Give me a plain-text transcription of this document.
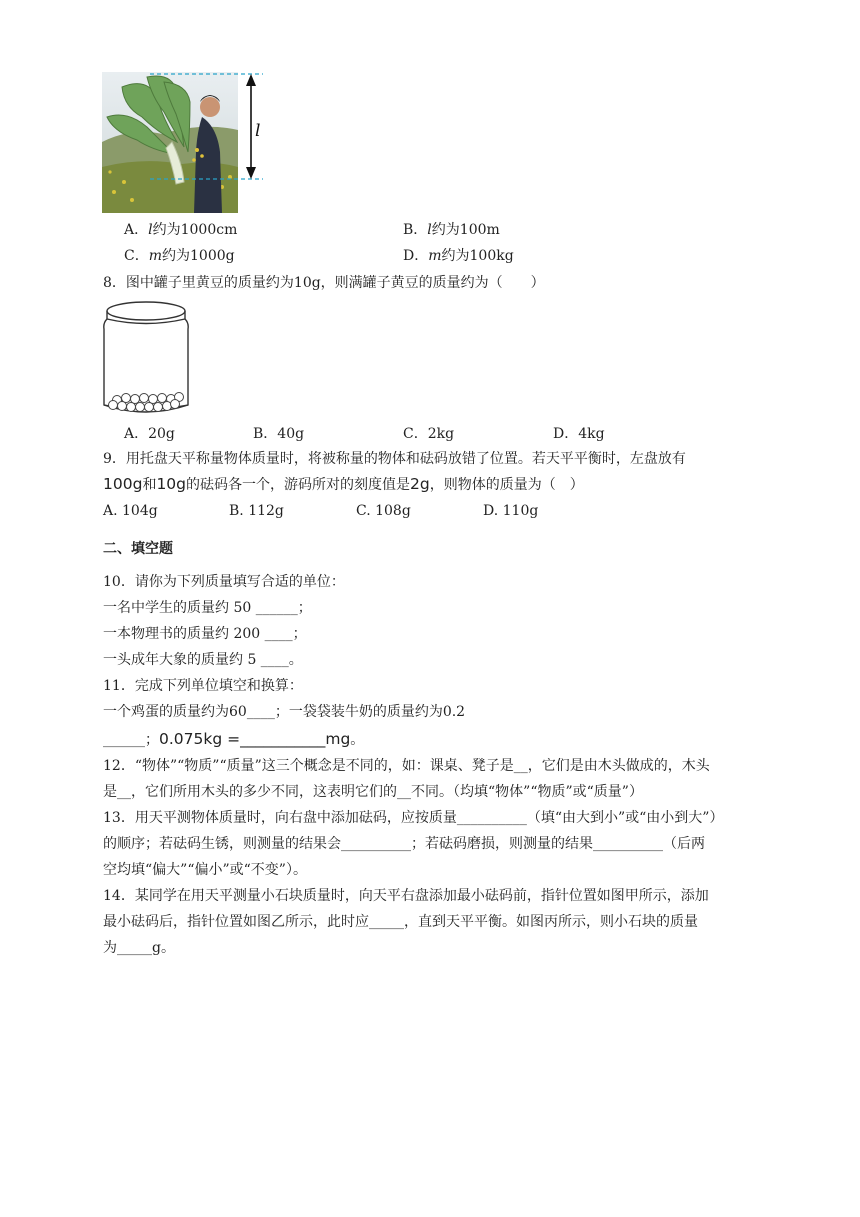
l
A．l约为1000cm	B．l约为100m
C．m约为1000g	D．m约为100kg
8．图中罐子里黄豆的质量约为10g，则满罐子黄豆的质量约为（　　）
A．20g	B．40g	C．2kg	D．4kg
9．用托盘天平称量物体质量时，将被称量的物体和砝码放错了位置。若天平平衡时，左盘放有
100g和10g的砝码各一个，游码所对的刻度值是2g，则物体的质量为（　）
A. 104g	B. 112g	C. 108g	D. 110g
二、填空题
10．请你为下列质量填写合适的单位：
一名中学生的质量约 50 ______；
一本物理书的质量约 200 ____；
一头成年大象的质量约 5 ____。
11．完成下列单位填空和换算：
一个鸡蛋的质量约为60____；一袋袋装牛奶的质量约为0.2
______；0.075kg =___________mg。
12．“物体”“物质”“质量”这三个概念是不同的，如：课桌、凳子是__，它们是由木头做成的，木头
是__，它们所用木头的多少不同，这表明它们的__不同。（均填“物体”“物质”或“质量”）
13．用天平测物体质量时，向右盘中添加砝码，应按质量__________（填“由大到小”或“由小到大”）
的顺序；若砝码生锈，则测量的结果会__________；若砝码磨损，则测量的结果__________（后两
空均填“偏大”“偏小”或“不变”）。
14．某同学在用天平测量小石块质量时，向天平右盘添加最小砝码前，指针位置如图甲所示，添加
最小砝码后，指针位置如图乙所示，此时应_____，直到天平平衡。如图丙所示，则小石块的质量
为_____g。
